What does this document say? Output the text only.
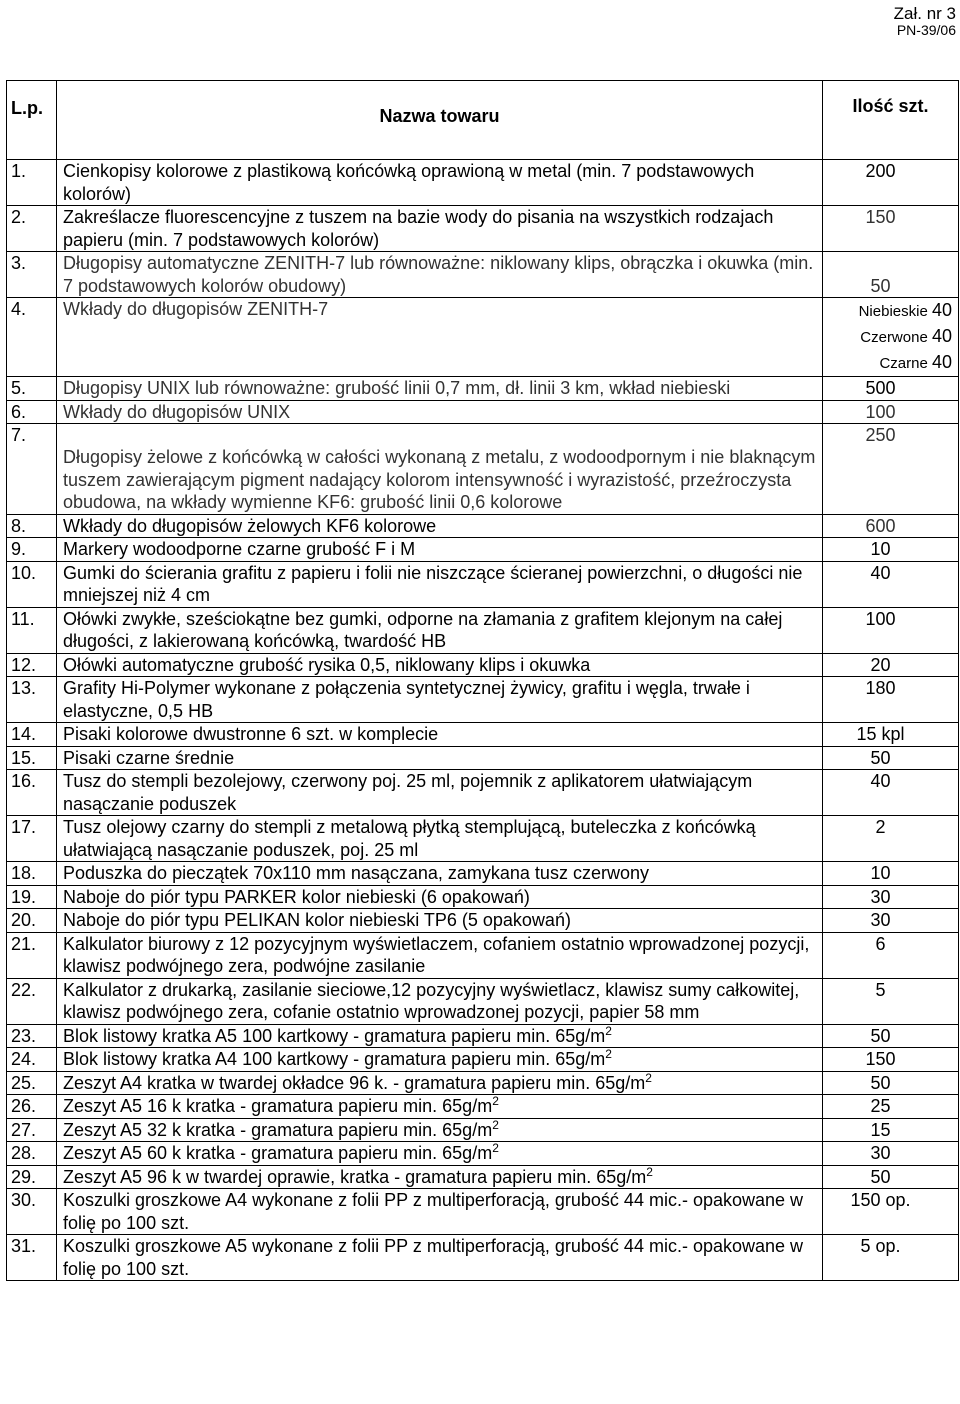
Zał. nr 3
PN-39/06
L.p.	Nazwa towaru	Ilość szt.
1.	Cienkopisy kolorowe z plastikową końcówką oprawioną w metal (min. 7 podstawowych kolorów)	200
2.	Zakreślacze fluorescencyjne z tuszem na bazie wody do pisania na wszystkich rodzajach papieru (min. 7 podstawowych kolorów)	150
3.	Długopisy automatyczne ZENITH-7 lub równoważne: niklowany klips, obrączka i okuwka (min. 7 podstawowych kolorów obudowy)	50
4.	Wkłady do długopisów ZENITH-7	Niebieskie 40
Czerwone 40
Czarne 40

5.	Długopisy UNIX lub równoważne: grubość linii 0,7 mm, dł. linii 3 km, wkład niebieski	500
6.	Wkłady do długopisów UNIX	100
7.	Długopisy żelowe z końcówką w całości wykonaną z metalu, z wodoodpornym i nie blaknącym tuszem zawierającym pigment nadający kolorom intensywność i wyrazistość, przeźroczysta obudowa, na wkłady wymienne KF6: grubość linii 0,6 kolorowe	250
8.	Wkłady do długopisów żelowych KF6 kolorowe	600
9.	Markery wodoodporne czarne grubość F i M	10
10.	Gumki do ścierania grafitu z papieru i folii nie niszczące ścieranej powierzchni, o długości nie mniejszej niż 4 cm	40
11.	Ołówki zwykłe, sześciokątne bez gumki, odporne na złamania z grafitem klejonym na całej długości, z lakierowaną końcówką, twardość HB	100
12.	Ołówki automatyczne grubość rysika 0,5, niklowany klips i okuwka	20
13.	Grafity Hi-Polymer wykonane z połączenia syntetycznej żywicy, grafitu i węgla, trwałe i elastyczne, 0,5 HB	180
14.	Pisaki kolorowe dwustronne 6 szt. w komplecie	15 kpl
15.	Pisaki czarne średnie	50
16.	Tusz do stempli bezolejowy, czerwony poj. 25 ml, pojemnik z aplikatorem ułatwiającym nasączanie poduszek	40
17.	Tusz olejowy czarny do stempli z metalową płytką stemplującą, buteleczka z końcówką ułatwiającą nasączanie poduszek, poj. 25 ml	2
18.	Poduszka do pieczątek 70x110 mm nasączana, zamykana tusz czerwony	10
19.	Naboje do piór typu PARKER kolor niebieski (6 opakowań)	30
20.	Naboje do piór typu PELIKAN kolor niebieski TP6 (5 opakowań)	30
21.	Kalkulator biurowy z 12 pozycyjnym wyświetlaczem, cofaniem ostatnio wprowadzonej pozycji, klawisz podwójnego zera, podwójne zasilanie	6
22.	Kalkulator z drukarką, zasilanie sieciowe,12 pozycyjny wyświetlacz, klawisz sumy całkowitej, klawisz podwójnego zera, cofanie ostatnio wprowadzonej pozycji, papier 58 mm	5
23.	Blok listowy kratka A5 100 kartkowy - gramatura papieru min. $65g/m^2$	50
24.	Blok listowy kratka A4 100 kartkowy - gramatura papieru min. $65g/m^2$	150
25.	Zeszyt A4 kratka w twardej okładce 96 k. - gramatura papieru min. $65g/m^2$	50
26.	Zeszyt A5 16 k kratka - gramatura papieru min. $65g/m^2$	25
27.	Zeszyt A5 32 k kratka - gramatura papieru min. $65g/m^2$	15
28.	Zeszyt A5 60 k kratka - gramatura papieru min. $65g/m^2$	30
29.	Zeszyt A5 96 k w twardej oprawie, kratka - gramatura papieru min. $65g/m^2$	50
30.	Koszulki groszkowe A4 wykonane z folii PP z multiperforacją, grubość 44 mic.- opakowane w folię po 100 szt.	150 op.
31.	Koszulki groszkowe A5 wykonane z folii PP z multiperforacją, grubość 44 mic.- opakowane w folię po 100 szt.	5 op.
